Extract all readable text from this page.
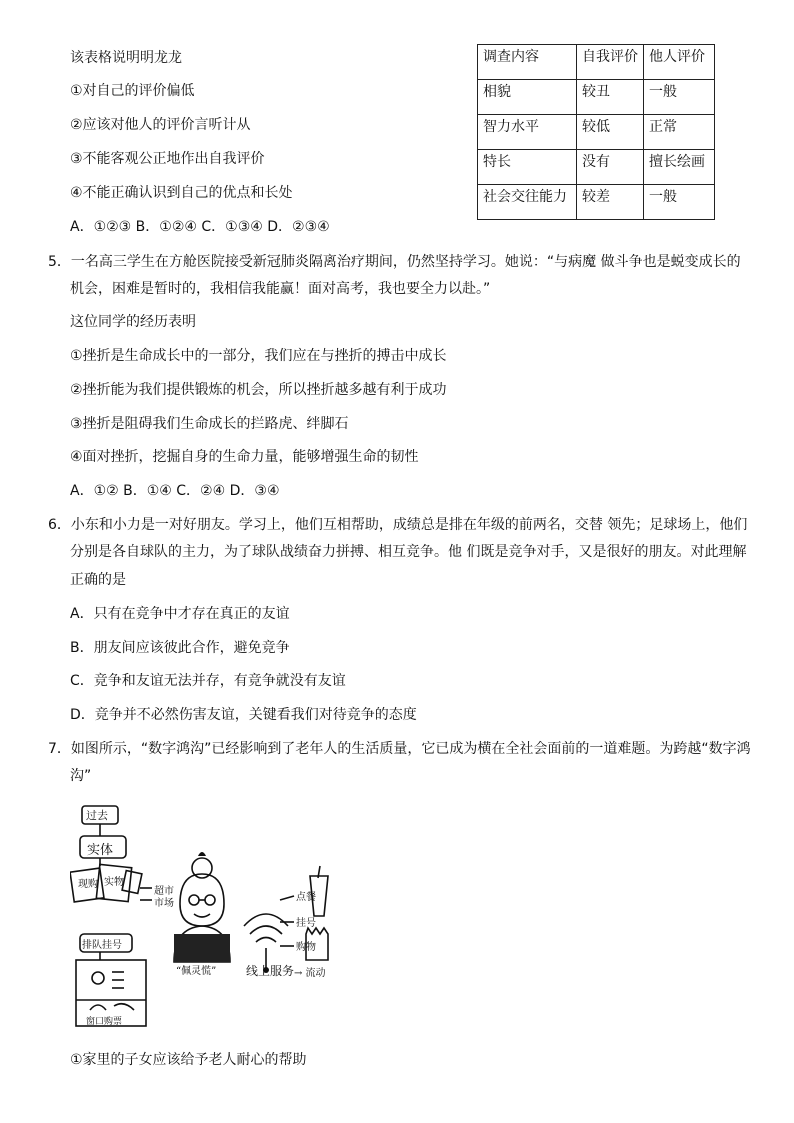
该表格说明明龙龙
①对自己的评价偏低
②应该对他人的评价言听计从
③不能客观公正地作出自我评价
④不能正确认识到自己的优点和长处
A．①②③ B．①②④ C．①③④ D．②③④
调查内容	自我评价	他人评价
相貌	较丑	一般
智力水平	较低	正常
特长	没有	擅长绘画
社会交往能力	较差	一般
5．一名高三学生在方舱医院接受新冠肺炎隔离治疗期间，仍然坚持学习。她说：“与病魔 做斗争也是蜕变成长的
机会，困难是暂时的，我相信我能赢！面对高考，我也要全力以赴。”
这位同学的经历表明
①挫折是生命成长中的一部分，我们应在与挫折的搏击中成长
②挫折能为我们提供锻炼的机会，所以挫折越多越有利于成功
③挫折是阻碍我们生命成长的拦路虎、绊脚石
④面对挫折，挖掘自身的生命力量，能够增强生命的韧性
A．①② B．①④ C．②④ D．③④
6．小东和小力是一对好朋友。学习上，他们互相帮助，成绩总是排在年级的前两名，交替 领先；足球场上，他们
分别是各自球队的主力，为了球队战绩奋力拼搏、相互竞争。他 们既是竞争对手，又是很好的朋友。对此理解
正确的是
A．只有在竞争中才存在真正的友谊
B．朋友间应该彼此合作，避免竞争
C．竞争和友谊无法并存，有竞争就没有友谊
D．竞争并不必然伤害友谊，关键看我们对待竞争的态度
7．如图所示，“数字鸿沟”已经影响到了老年人的生活质量，它已成为横在全社会面前的一道难题。为跨越“数字鸿
沟”
过去
实体
现购 实物
超市
市场
排队挂号
窗口购票
“佩灵慌” 线上服务 → 流动
点餐
挂号
购物
①家里的子女应该给予老人耐心的帮助
